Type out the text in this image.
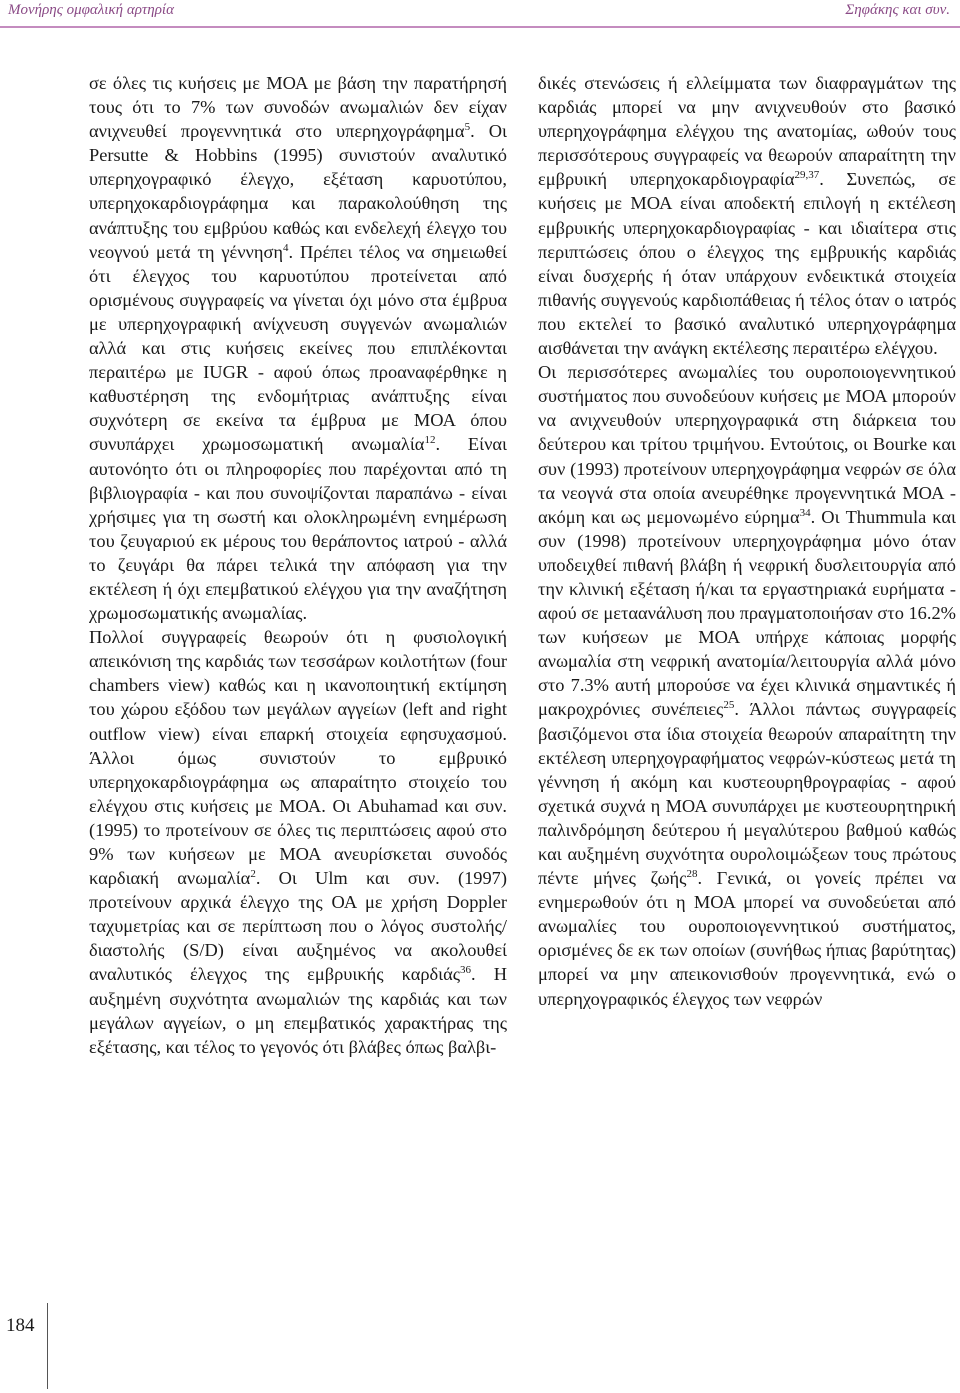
Μονήρης ομφαλική αρτηρία	Σηφάκης και συν.

σε όλες τις κυήσεις με ΜΟΑ με βάση την παρατήρησή τους ότι το 7% των συνοδών ανωμαλιών δεν είχαν ανιχνευθεί προγεννητικά στο υπερηχογράφημα$^5$. Οι Persutte & Hobbins (1995) συνιστούν αναλυτικό υπερηχογραφικό έλεγχο, εξέταση καρυοτύπου, υπερηχοκαρδιογράφημα και παρακολούθηση της ανάπτυξης του εμβρύου καθώς και ενδελεχή έλεγχο του νεογνού μετά τη γέννηση$^4$. Πρέπει τέλος να σημειωθεί ότι έλεγχος του καρυοτύπου προτείνεται από ορισμένους συγγραφείς να γίνεται όχι μόνο στα έμβρυα με υπερηχογραφική ανίχνευση συγγενών ανωμαλιών αλλά και στις κυήσεις εκείνες που επιπλέκονται περαιτέρω με IUGR - αφού όπως προαναφέρθηκε η καθυστέρηση της ενδομήτριας ανάπτυξης είναι συχνότερη σε εκείνα τα έμβρυα με ΜΟΑ όπου συνυπάρχει χρωμοσωματική ανωμαλία$^{12}$. Είναι αυτονόητο ότι οι πληροφορίες που παρέχονται από τη βιβλιογραφία - και που συνοψίζονται παραπάνω - είναι χρήσιμες για τη σωστή και ολοκληρωμένη ενημέρωση του ζευγαριού εκ μέρους του θεράποντος ιατρού - αλλά το ζευγάρι θα πάρει τελικά την απόφαση για την εκτέλεση ή όχι επεμβατικού ελέγχου για την αναζήτηση χρωμοσωματικής ανωμαλίας.

Πολλοί συγγραφείς θεωρούν ότι η φυσιολογική απεικόνιση της καρδιάς των τεσσάρων κοιλοτήτων (four chambers view) καθώς και η ικανοποιητική εκτίμηση του χώρου εξόδου των μεγάλων αγγείων (left and right outflow view) είναι επαρκή στοιχεία εφησυχασμού. Άλλοι όμως συνιστούν το εμβρυικό υπερηχοκαρδιογράφημα ως απαραίτητο στοιχείο του ελέγχου στις κυήσεις με ΜΟΑ. Οι Abuhamad και συν. (1995) το προτείνουν σε όλες τις περιπτώσεις αφού στο 9% των κυήσεων με ΜΟΑ ανευρίσκεται συνοδός καρδιακή ανωμαλία$^2$. Οι Ulm και συν. (1997) προτείνουν αρχικά έλεγχο της ΟΑ με χρήση Doppler ταχυμετρίας και σε περίπτωση που ο λόγος συστολής/διαστολής (S/D) είναι αυξημένος να ακολουθεί αναλυτικός έλεγχος της εμβρυικής καρδιάς$^{36}$. Η αυξημένη συχνότητα ανωμαλιών της καρδιάς και των μεγάλων αγγείων, ο μη επεμβατικός χαρακτήρας της εξέτασης, και τέλος το γεγονός ότι βλάβες όπως βαλβι-

δικές στενώσεις ή ελλείμματα των διαφραγμάτων της καρδιάς μπορεί να μην ανιχνευθούν στο βασικό υπερηχογράφημα ελέγχου της ανατομίας, ωθούν τους περισσότερους συγγραφείς να θεωρούν απαραίτητη την εμβρυική υπερηχοκαρδιογραφία$^{29,37}$. Συνεπώς, σε κυήσεις με ΜΟΑ είναι αποδεκτή επιλογή η εκτέλεση εμβρυικής υπερηχοκαρδιογραφίας - και ιδιαίτερα στις περιπτώσεις όπου ο έλεγχος της εμβρυικής καρδιάς είναι δυσχερής ή όταν υπάρχουν ενδεικτικά στοιχεία πιθανής συγγενούς καρδιοπάθειας ή τέλος όταν ο ιατρός που εκτελεί το βασικό αναλυτικό υπερηχογράφημα αισθάνεται την ανάγκη εκτέλεσης περαιτέρω ελέγχου.

Οι περισσότερες ανωμαλίες του ουροποιογεννητικού συστήματος που συνοδεύουν κυήσεις με ΜΟΑ μπορούν να ανιχνευθούν υπερηχογραφικά στη διάρκεια του δεύτερου και τρίτου τριμήνου. Εντούτοις, οι Bourke και συν (1993) προτείνουν υπερηχογράφημα νεφρών σε όλα τα νεογνά στα οποία ανευρέθηκε προγεννητικά ΜΟΑ - ακόμη και ως μεμονωμένο εύρημα$^{34}$. Οι Thummula και συν (1998) προτείνουν υπερηχογράφημα μόνο όταν υποδειχθεί πιθανή βλάβη ή νεφρική δυσλειτουργία από την κλινική εξέταση ή/και τα εργαστηριακά ευρήματα - αφού σε μεταανάλυση που πραγματοποιήσαν στο 16.2% των κυήσεων με ΜΟΑ υπήρχε κάποιας μορφής ανωμαλία στη νεφρική ανατομία/λειτουργία αλλά μόνο στο 7.3% αυτή μπορούσε να έχει κλινικά σημαντικές ή μακροχρόνιες συνέπειες$^{25}$. Άλλοι πάντως συγγραφείς βασιζόμενοι στα ίδια στοιχεία θεωρούν απαραίτητη την εκτέλεση υπερηχογραφήματος νεφρών-κύστεως μετά τη γέννηση ή ακόμη και κυστεουρηθρογραφίας - αφού σχετικά συχνά η ΜΟΑ συνυπάρχει με κυστεουρητηρική παλινδρόμηση δεύτερου ή μεγαλύτερου βαθμού καθώς και αυξημένη συχνότητα ουρολοιμώξεων τους πρώτους πέντε μήνες ζωής$^{28}$. Γενικά, οι γονείς πρέπει να ενημερωθούν ότι η ΜΟΑ μπορεί να συνοδεύεται από ανωμαλίες του ουροποιογεννητικού συστήματος, ορισμένες δε εκ των οποίων (συνήθως ήπιας βαρύτητας) μπορεί να μην απεικονισθούν προγεννητικά, ενώ ο υπερηχογραφικός έλεγχος των νεφρών

184
